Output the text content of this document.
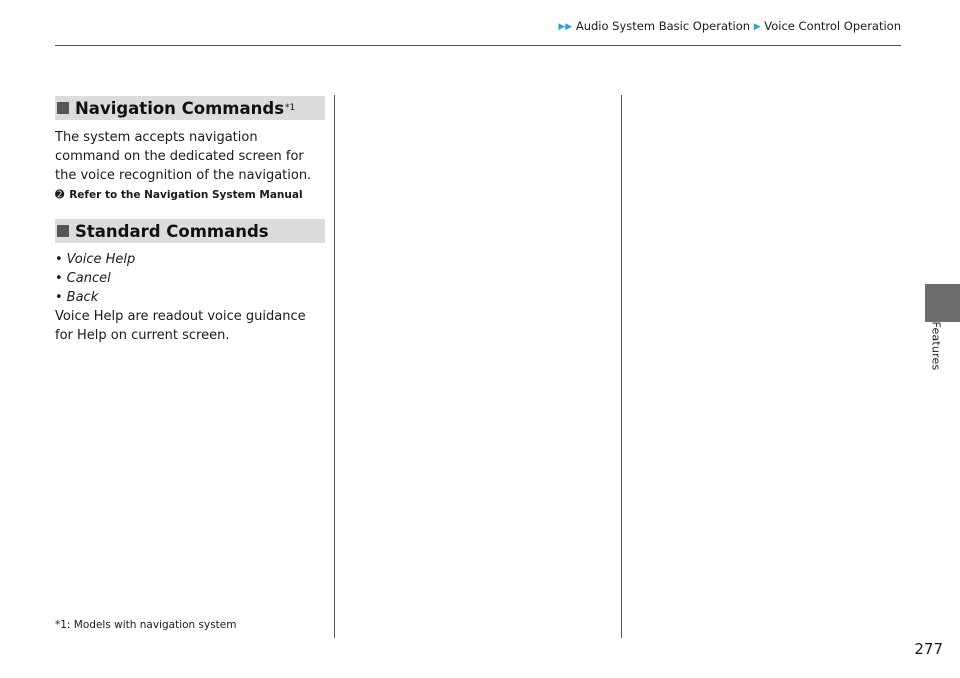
▶▶ Audio System Basic Operation ▶ Voice Control Operation
Features
Navigation Commands *1
The system accepts navigation command on the dedicated screen for the voice recognition of the navigation.
➋ Refer to the Navigation System Manual
Standard Commands
• Voice Help
• Cancel
• Back
Voice Help are readout voice guidance for Help on current screen.
*1: Models with navigation system
277
